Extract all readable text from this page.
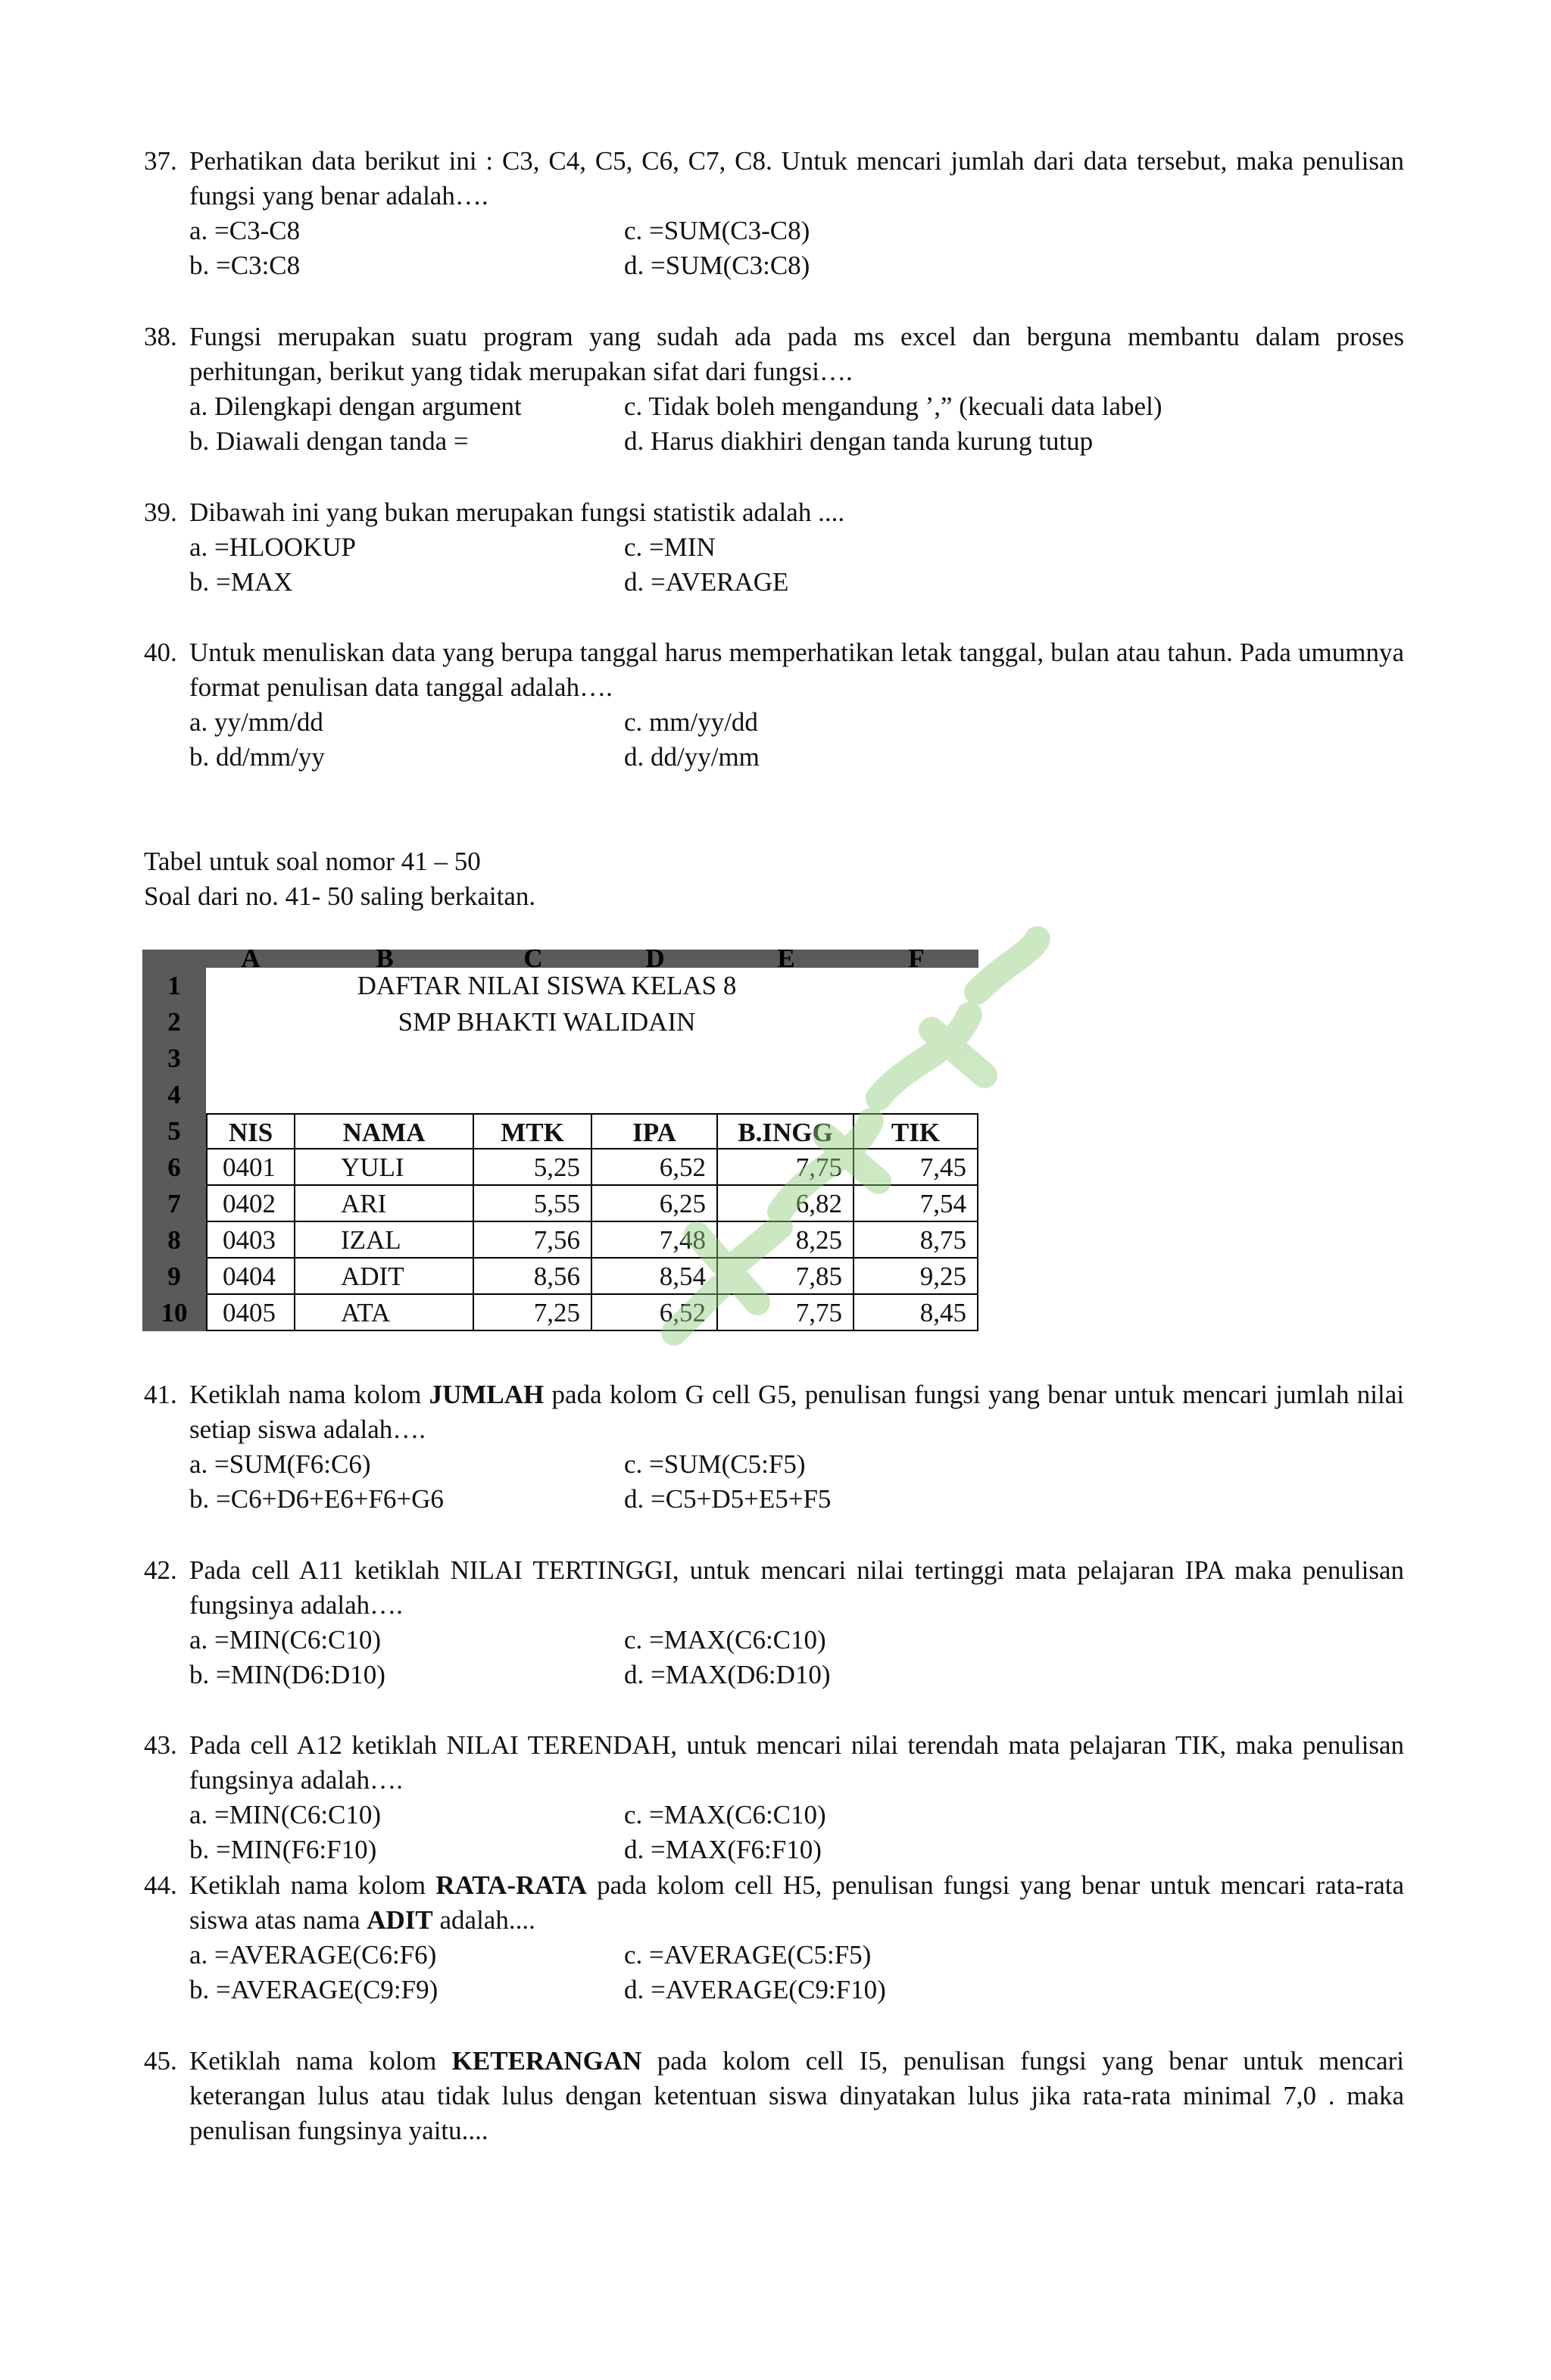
37. Perhatikan data berikut ini : C3, C4, C5, C6, C7, C8. Untuk mencari jumlah dari data tersebut, maka penulisan fungsi yang benar adalah….
a. =C3-C8	c. =SUM(C3-C8)
b. =C3:C8	d. =SUM(C3:C8)
38. Fungsi merupakan suatu program yang sudah ada pada ms excel dan berguna membantu dalam proses perhitungan, berikut yang tidak merupakan sifat dari fungsi….
a. Dilengkapi dengan argument	c. Tidak boleh mengandung ’,” (kecuali data label)
b. Diawali dengan tanda =	d. Harus diakhiri dengan tanda kurung tutup
39. Dibawah ini yang bukan merupakan fungsi statistik adalah ....
a. =HLOOKUP	c. =MIN
b. =MAX	d. =AVERAGE
40. Untuk menuliskan data yang berupa tanggal harus memperhatikan letak tanggal, bulan atau tahun. Pada umumnya format penulisan data tanggal adalah….
a. yy/mm/dd	c. mm/yy/dd
b. dd/mm/yy	d. dd/yy/mm
Tabel untuk soal nomor 41 – 50
Soal dari no. 41- 50 saling berkaitan.
A	B	C	D	E	F
1	DAFTAR NILAI SISWA KELAS 8
2	SMP BHAKTI WALIDAIN
3
4
5	NIS	NAMA	MTK	IPA	B.INGG	TIK
6	0401	YULI	5,25	6,52	7,75	7,45
7	0402	ARI	5,55	6,25	6,82	7,54
8	0403	IZAL	7,56	7,48	8,25	8,75
9	0404	ADIT	8,56	8,54	7,85	9,25
10	0405	ATA	7,25	6,52	7,75	8,45
41. Ketiklah nama kolom JUMLAH pada kolom G cell G5, penulisan fungsi yang benar untuk mencari jumlah nilai setiap siswa adalah….
a. =SUM(F6:C6)	c. =SUM(C5:F5)
b. =C6+D6+E6+F6+G6	d. =C5+D5+E5+F5
42. Pada cell A11 ketiklah NILAI TERTINGGI, untuk mencari nilai tertinggi mata pelajaran IPA maka penulisan fungsinya adalah….
a. =MIN(C6:C10)	c. =MAX(C6:C10)
b. =MIN(D6:D10)	d. =MAX(D6:D10)
43. Pada cell A12 ketiklah NILAI TERENDAH, untuk mencari nilai terendah mata pelajaran TIK, maka penulisan fungsinya adalah….
a. =MIN(C6:C10)	c. =MAX(C6:C10)
b. =MIN(F6:F10)	d. =MAX(F6:F10)
44. Ketiklah nama kolom RATA-RATA pada kolom cell H5, penulisan fungsi yang benar untuk mencari rata-rata siswa atas nama ADIT adalah....
a. =AVERAGE(C6:F6)	c. =AVERAGE(C5:F5)
b. =AVERAGE(C9:F9)	d. =AVERAGE(C9:F10)
45. Ketiklah nama kolom KETERANGAN pada kolom cell I5, penulisan fungsi yang benar untuk mencari keterangan lulus atau tidak lulus dengan ketentuan siswa dinyatakan lulus jika rata-rata minimal 7,0 . maka penulisan fungsinya yaitu....
